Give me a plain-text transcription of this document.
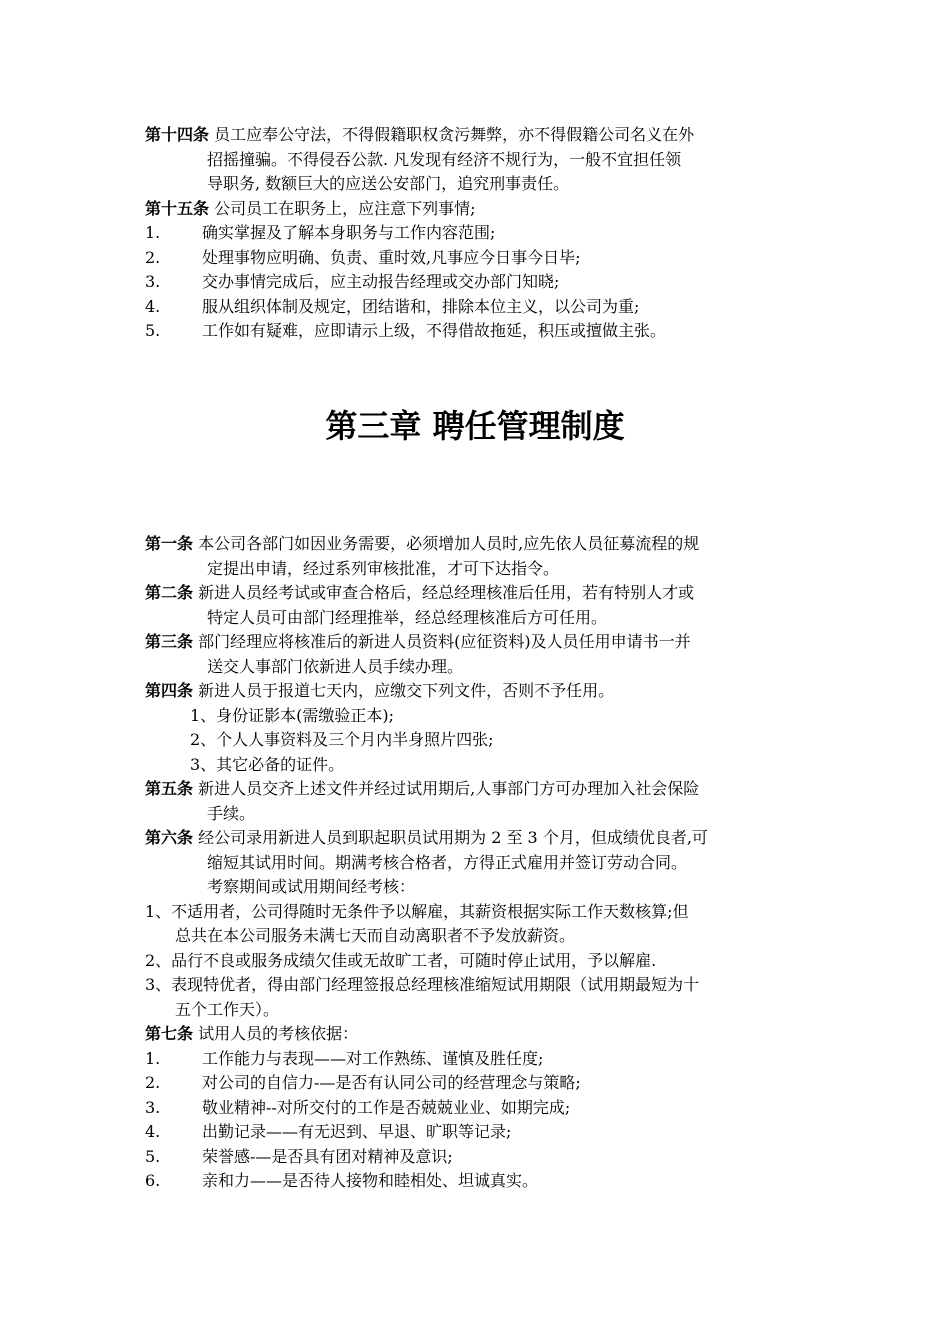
第十四条 员工应奉公守法，不得假籍职权贪污舞弊，亦不得假籍公司名义在外
招摇撞骗。不得侵吞公款. 凡发现有经济不规行为，一般不宜担任领
导职务, 数额巨大的应送公安部门，追究刑事责任。
第十五条 公司员工在职务上，应注意下列事情;
1.	确实掌握及了解本身职务与工作内容范围;
2.	处理事物应明确、负责、重时效,凡事应今日事今日毕;
3.	交办事情完成后，应主动报告经理或交办部门知晓;
4.	服从组织体制及规定，团结谐和，排除本位主义，以公司为重;
5.	工作如有疑难，应即请示上级，不得借故拖延，积压或擅做主张。
第三章 聘任管理制度
第一条 本公司各部门如因业务需要，必须增加人员时,应先依人员征募流程的规
定提出申请，经过系列审核批准，才可下达指令。
第二条 新进人员经考试或审查合格后，经总经理核准后任用，若有特别人才或
特定人员可由部门经理推举，经总经理核准后方可任用。
第三条 部门经理应将核准后的新进人员资料(应征资料)及人员任用申请书一并
送交人事部门依新进人员手续办理。
第四条 新进人员于报道七天内，应缴交下列文件，否则不予任用。
1、身份证影本(需缴验正本);
2、个人人事资料及三个月内半身照片四张;
3、其它必备的证件。
第五条 新进人员交齐上述文件并经过试用期后,人事部门方可办理加入社会保险
手续。
第六条 经公司录用新进人员到职起职员试用期为 2 至 3 个月，但成绩优良者,可
缩短其试用时间。期满考核合格者，方得正式雇用并签订劳动合同。
考察期间或试用期间经考核：
1、不适用者，公司得随时无条件予以解雇，其薪资根据实际工作天数核算;但
总共在本公司服务未满七天而自动离职者不予发放薪资。
2、品行不良或服务成绩欠佳或无故旷工者，可随时停止试用，予以解雇.
3、表现特优者，得由部门经理签报总经理核准缩短试用期限（试用期最短为十
五个工作天）。
第七条 试用人员的考核依据：
1.	工作能力与表现——对工作熟练、谨慎及胜任度;
2.	对公司的自信力-—是否有认同公司的经营理念与策略;
3.	敬业精神--对所交付的工作是否兢兢业业、如期完成;
4.	出勤记录——有无迟到、早退、旷职等记录;
5.	荣誉感-—是否具有团对精神及意识;
6.	亲和力——是否待人接物和睦相处、坦诚真实。
